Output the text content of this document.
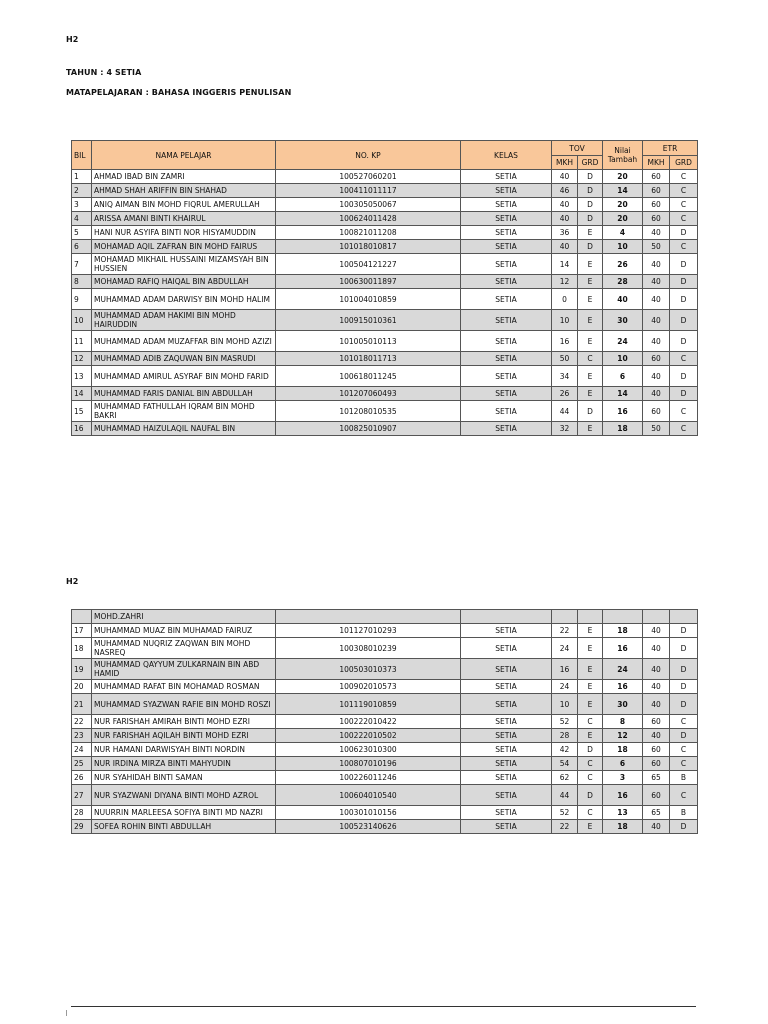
H2
TAHUN : 4 SETIA
MATAPELAJARAN : BAHASA INGGERIS PENULISAN
BIL	NAMA PELAJAR	NO. KP	KELAS	TOV		Nilai Tambah	ETR	
				MKH	GRD		MKH	GRD
1	AHMAD IBAD BIN ZAMRI	100527060201	SETIA	40	D	20	60	C
2	AHMAD SHAH ARIFFIN BIN SHAHAD	100411011117	SETIA	46	D	14	60	C
3	ANIQ AIMAN BIN MOHD FIQRUL AMERULLAH	100305050067	SETIA	40	D	20	60	C
4	ARISSA AMANI BINTI KHAIRUL	100624011428	SETIA	40	D	20	60	C
5	HANI NUR ASYIFA BINTI NOR HISYAMUDDIN	100821011208	SETIA	36	E	4	40	D
6	MOHAMAD AQIL ZAFRAN BIN MOHD FAIRUS	101018010817	SETIA	40	D	10	50	C
7	MOHAMAD MIKHAIL HUSSAINI MIZAMSYAH BIN HUSSIEN	100504121227	SETIA	14	E	26	40	D
8	MOHAMAD RAFIQ HAIQAL BIN ABDULLAH	100630011897	SETIA	12	E	28	40	D
9	MUHAMMAD ADAM DARWISY BIN MOHD HALIM	101004010859	SETIA	0	E	40	40	D
10	MUHAMMAD ADAM HAKIMI BIN MOHD HAIRUDDIN	100915010361	SETIA	10	E	30	40	D
11	MUHAMMAD ADAM MUZAFFAR BIN MOHD AZIZI	101005010113	SETIA	16	E	24	40	D
12	MUHAMMAD ADIB ZAQUWAN BIN MASRUDI	101018011713	SETIA	50	C	10	60	C
13	MUHAMMAD AMIRUL ASYRAF BIN MOHD FARID	100618011245	SETIA	34	E	6	40	D
14	MUHAMMAD FARIS DANIAL BIN ABDULLAH	101207060493	SETIA	26	E	14	40	D
15	MUHAMMAD FATHULLAH IQRAM BIN MOHD BAKRI	101208010535	SETIA	44	D	16	60	C
16	MUHAMMAD HAIZULAQIL NAUFAL BIN	100825010907	SETIA	32	E	18	50	C
H2
	MOHD.ZAHRI							
17	MUHAMMAD MUAZ BIN MUHAMAD FAIRUZ	101127010293	SETIA	22	E	18	40	D
18	MUHAMMAD NUQRIZ ZAQWAN BIN MOHD NASREQ	100308010239	SETIA	24	E	16	40	D
19	MUHAMMAD QAYYUM ZULKARNAIN BIN ABD HAMID	100503010373	SETIA	16	E	24	40	D
20	MUHAMMAD RAFAT BIN MOHAMAD ROSMAN	100902010573	SETIA	24	E	16	40	D
21	MUHAMMAD SYAZWAN RAFIE BIN MOHD ROSZI	101119010859	SETIA	10	E	30	40	D
22	NUR FARISHAH AMIRAH BINTI MOHD EZRI	100222010422	SETIA	52	C	8	60	C
23	NUR FARISHAH AQILAH BINTI MOHD EZRI	100222010502	SETIA	28	E	12	40	D
24	NUR HAMANI DARWISYAH BINTI NORDIN	100623010300	SETIA	42	D	18	60	C
25	NUR IRDINA MIRZA BINTI MAHYUDIN	100807010196	SETIA	54	C	6	60	C
26	NUR SYAHIDAH BINTI SAMAN	100226011246	SETIA	62	C	3	65	B
27	NUR SYAZWANI DIYANA BINTI MOHD AZROL	100604010540	SETIA	44	D	16	60	C
28	NUURRIN MARLEESA SOFIYA BINTI MD NAZRI	100301010156	SETIA	52	C	13	65	B
29	SOFEA ROHIN BINTI ABDULLAH	100523140626	SETIA	22	E	18	40	D
